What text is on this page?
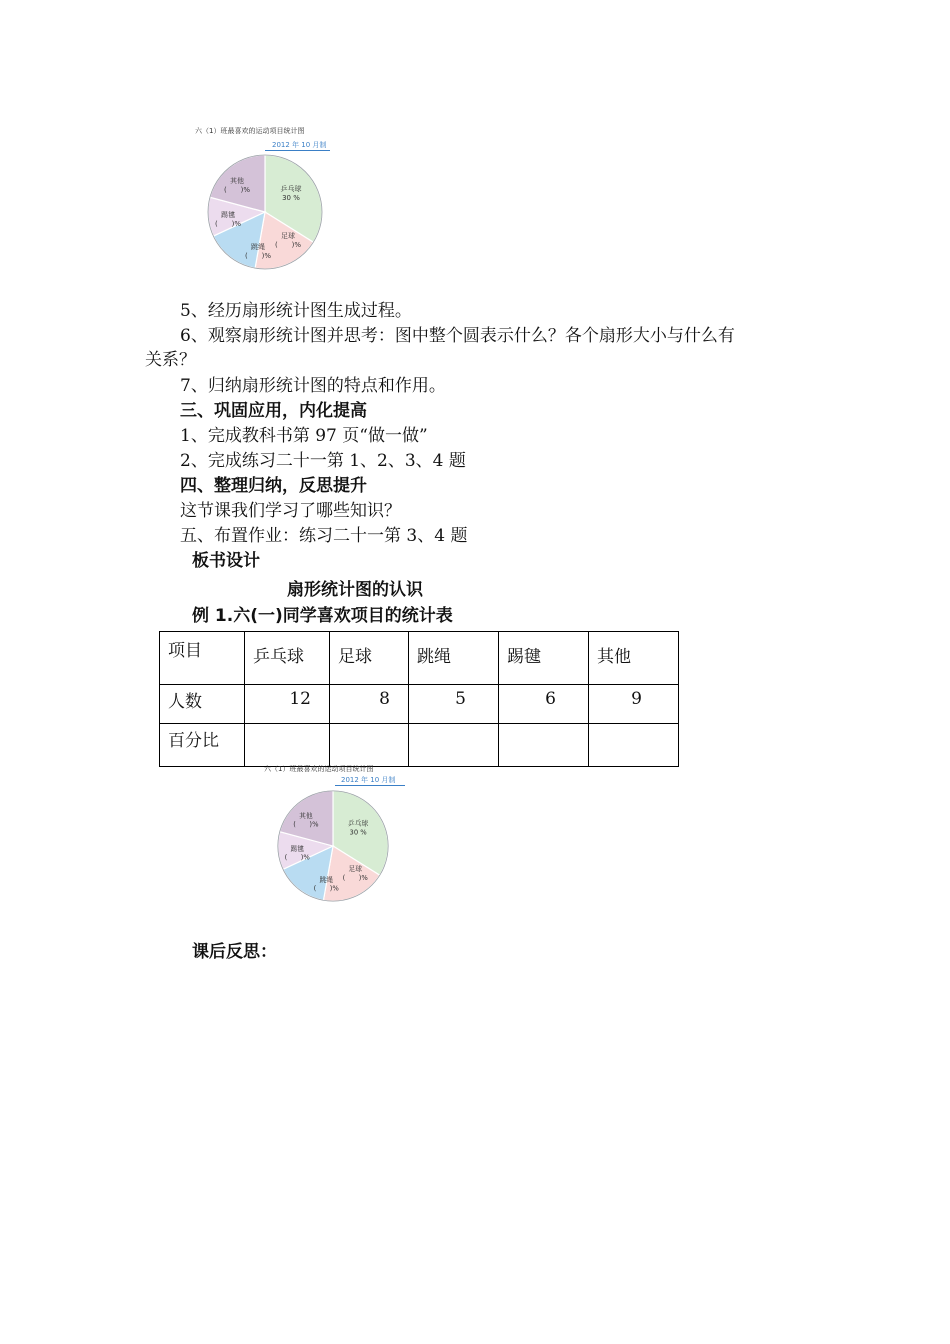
六（1）班最喜欢的运动项目统计图
2012 年 10 月制
乒乓球
30 %
足球
(　　)%
跳绳
(　　)%
踢毽
(　　)%
其他
(　　)%
5、经历扇形统计图生成过程。
6、观察扇形统计图并思考：图中整个圆表示什么？各个扇形大小与什么有
关系？
7、归纳扇形统计图的特点和作用。
三、巩固应用，内化提高
1、完成教科书第 97 页“做一做”
2、完成练习二十一第 1、2、3、4 题
四、整理归纳，反思提升
这节课我们学习了哪些知识？
五、布置作业：练习二十一第 3、4 题
板书设计
扇形统计图的认识
例 1.六(一)同学喜欢项目的统计表
项目	乒乓球	足球	跳绳	踢毽	其他
人数	12	8	5	6	9
百分比					
六（1）班最喜欢的运动项目统计图
2012 年 10 月制
乒乓球
30 %
足球
(　　)%
跳绳
(　　)%
踢毽
(　　)%
其他
(　　)%
课后反思：
